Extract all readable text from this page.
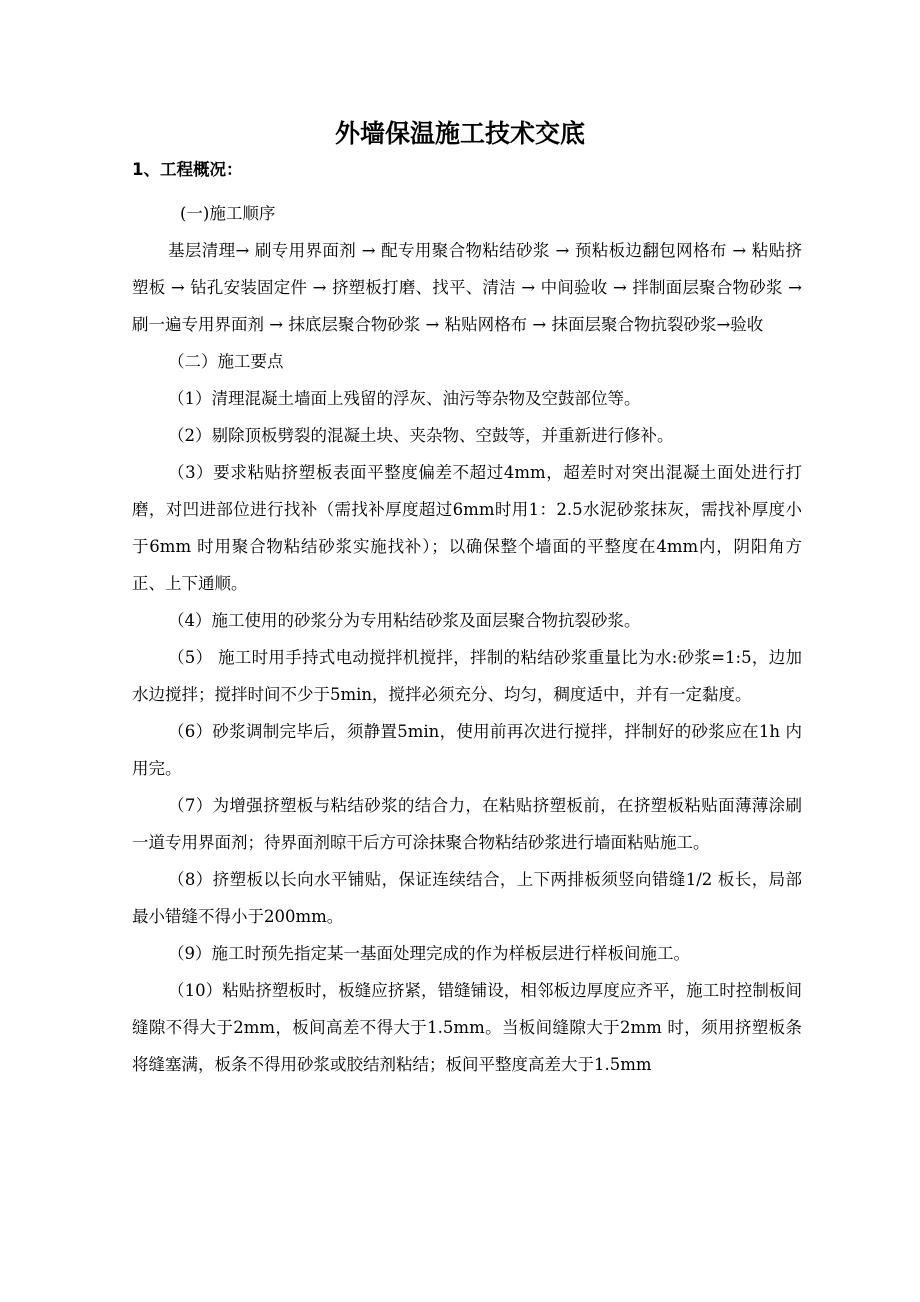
外墙保温施工技术交底
1、工程概况：

(一)施工顺序

基层清理→ 刷专用界面剂 → 配专用聚合物粘结砂浆 → 预粘板边翻包网格布 → 粘贴挤塑板 → 钻孔安装固定件 → 挤塑板打磨、找平、清洁 → 中间验收 → 拌制面层聚合物砂浆 → 刷一遍专用界面剂 → 抹底层聚合物砂浆 → 粘贴网格布 → 抹面层聚合物抗裂砂浆→验收

（二）施工要点

（1）清理混凝土墙面上残留的浮灰、油污等杂物及空鼓部位等。

（2）剔除顶板劈裂的混凝土块、夹杂物、空鼓等，并重新进行修补。

（3）要求粘贴挤塑板表面平整度偏差不超过4mm，超差时对突出混凝土面处进行打磨，对凹进部位进行找补（需找补厚度超过6mm时用1：2.5水泥砂浆抹灰，需找补厚度小于6mm 时用聚合物粘结砂浆实施找补）；以确保整个墙面的平整度在4mm内，阴阳角方正、上下通顺。

（4）施工使用的砂浆分为专用粘结砂浆及面层聚合物抗裂砂浆。

（5） 施工时用手持式电动搅拌机搅拌，拌制的粘结砂浆重量比为水:砂浆=1:5，边加水边搅拌；搅拌时间不少于5min，搅拌必须充分、均匀，稠度适中，并有一定黏度。

（6）砂浆调制完毕后，须静置5min，使用前再次进行搅拌，拌制好的砂浆应在1h 内用完。

（7）为增强挤塑板与粘结砂浆的结合力，在粘贴挤塑板前，在挤塑板粘贴面薄薄涂刷一道专用界面剂；待界面剂晾干后方可涂抹聚合物粘结砂浆进行墙面粘贴施工。

（8）挤塑板以长向水平铺贴，保证连续结合，上下两排板须竖向错缝1/2 板长，局部最小错缝不得小于200mm。

（9）施工时预先指定某一基面处理完成的作为样板层进行样板间施工。

（10）粘贴挤塑板时，板缝应挤紧，错缝铺设，相邻板边厚度应齐平，施工时控制板间缝隙不得大于2mm，板间高差不得大于1.5mm。当板间缝隙大于2mm 时，须用挤塑板条将缝塞满，板条不得用砂浆或胶结剂粘结；板间平整度高差大于1.5mm
